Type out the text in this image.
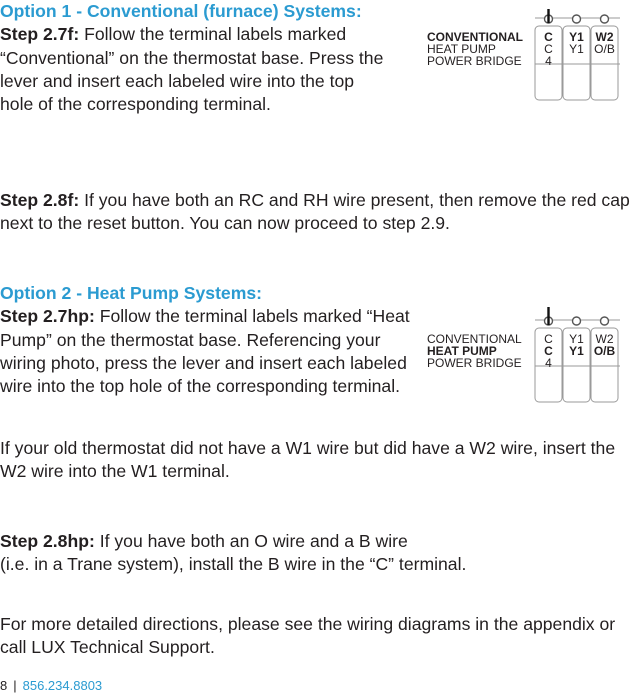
Option 1 - Conventional (furnace) Systems:
Step 2.7f: Follow the terminal labels marked “Conventional” on the thermostat base. Press the lever and insert each labeled wire into the top hole of the corresponding terminal.

CONVENTIONAL
HEAT PUMP
POWER BRIDGE
C
C
4
Y1
Y1
W2
O/B

Step 2.8f: If you have both an RC and RH wire present, then remove the red cap next to the reset button. You can now proceed to step 2.9.

Option 2 - Heat Pump Systems:
Step 2.7hp: Follow the terminal labels marked “Heat Pump” on the thermostat base. Referencing your wiring photo, press the lever and insert each labeled wire into the top hole of the corresponding terminal.

CONVENTIONAL
HEAT PUMP
POWER BRIDGE
C
C
4
Y1
Y1
W2
O/B

If your old thermostat did not have a W1 wire but did have a W2 wire, insert the W2 wire into the W1 terminal.

Step 2.8hp: If you have both an O wire and a B wire
(i.e. in a Trane system), install the B wire in the “C” terminal.

For more detailed directions, please see the wiring diagrams in the appendix or call LUX Technical Support.

8 | 856.234.8803
